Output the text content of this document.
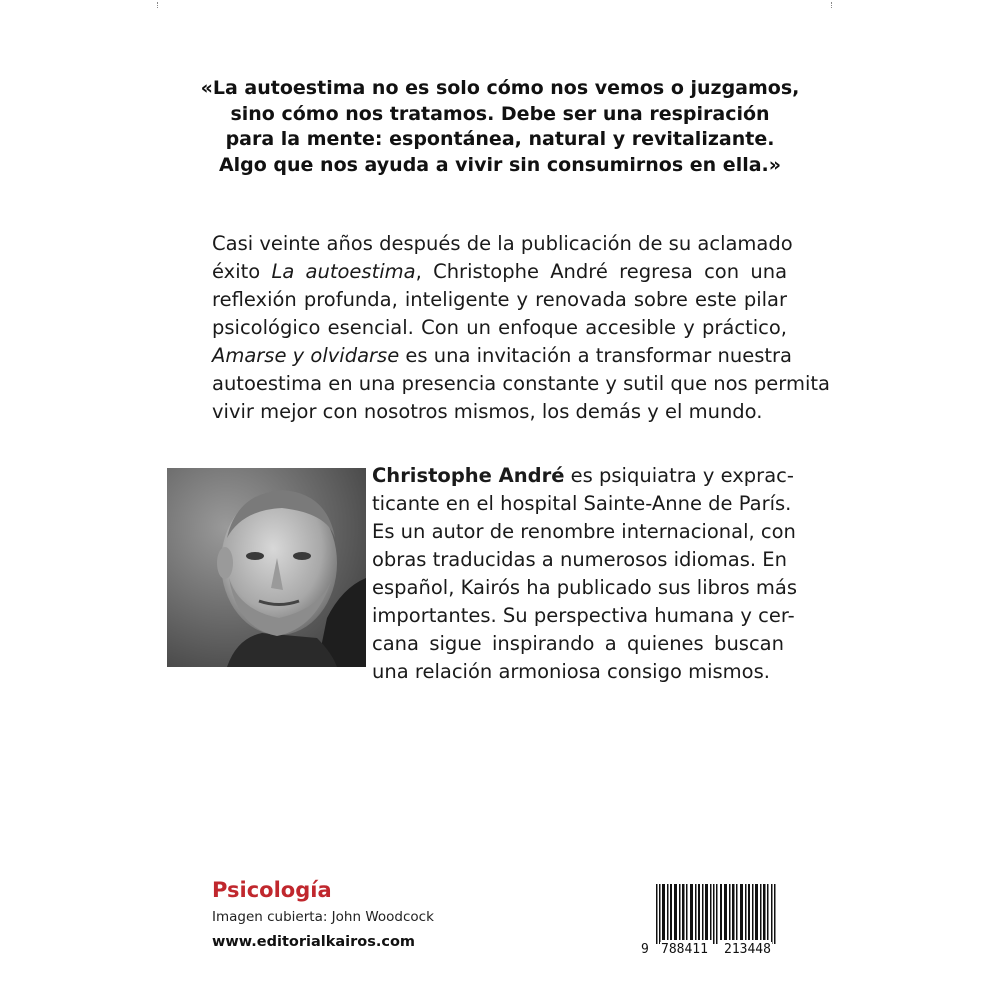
«La autoestima no es solo cómo nos vemos o juzgamos,
sino cómo nos tratamos. Debe ser una respiración
para la mente: espontánea, natural y revitalizante.
Algo que nos ayuda a vivir sin consumirnos en ella.»
Casi veinte años después de la publicación de su aclamado
éxito La autoestima, Christophe André regresa con una
reflexión profunda, inteligente y renovada sobre este pilar
psicológico esencial. Con un enfoque accesible y práctico,
Amarse y olvidarse es una invitación a transformar nuestra
autoestima en una presencia constante y sutil que nos permita
vivir mejor con nosotros mismos, los demás y el mundo.
Christophe André es psiquiatra y exprac-
ticante en el hospital Sainte-Anne de París.
Es un autor de renombre internacional, con
obras traducidas a numerosos idiomas. En
español, Kairós ha publicado sus libros más
importantes. Su perspectiva humana y cer-
cana sigue inspirando a quienes buscan
una relación armoniosa consigo mismos.
Psicología
Imagen cubierta: John Woodcock
www.editorialkairos.com	9 788411 213448
